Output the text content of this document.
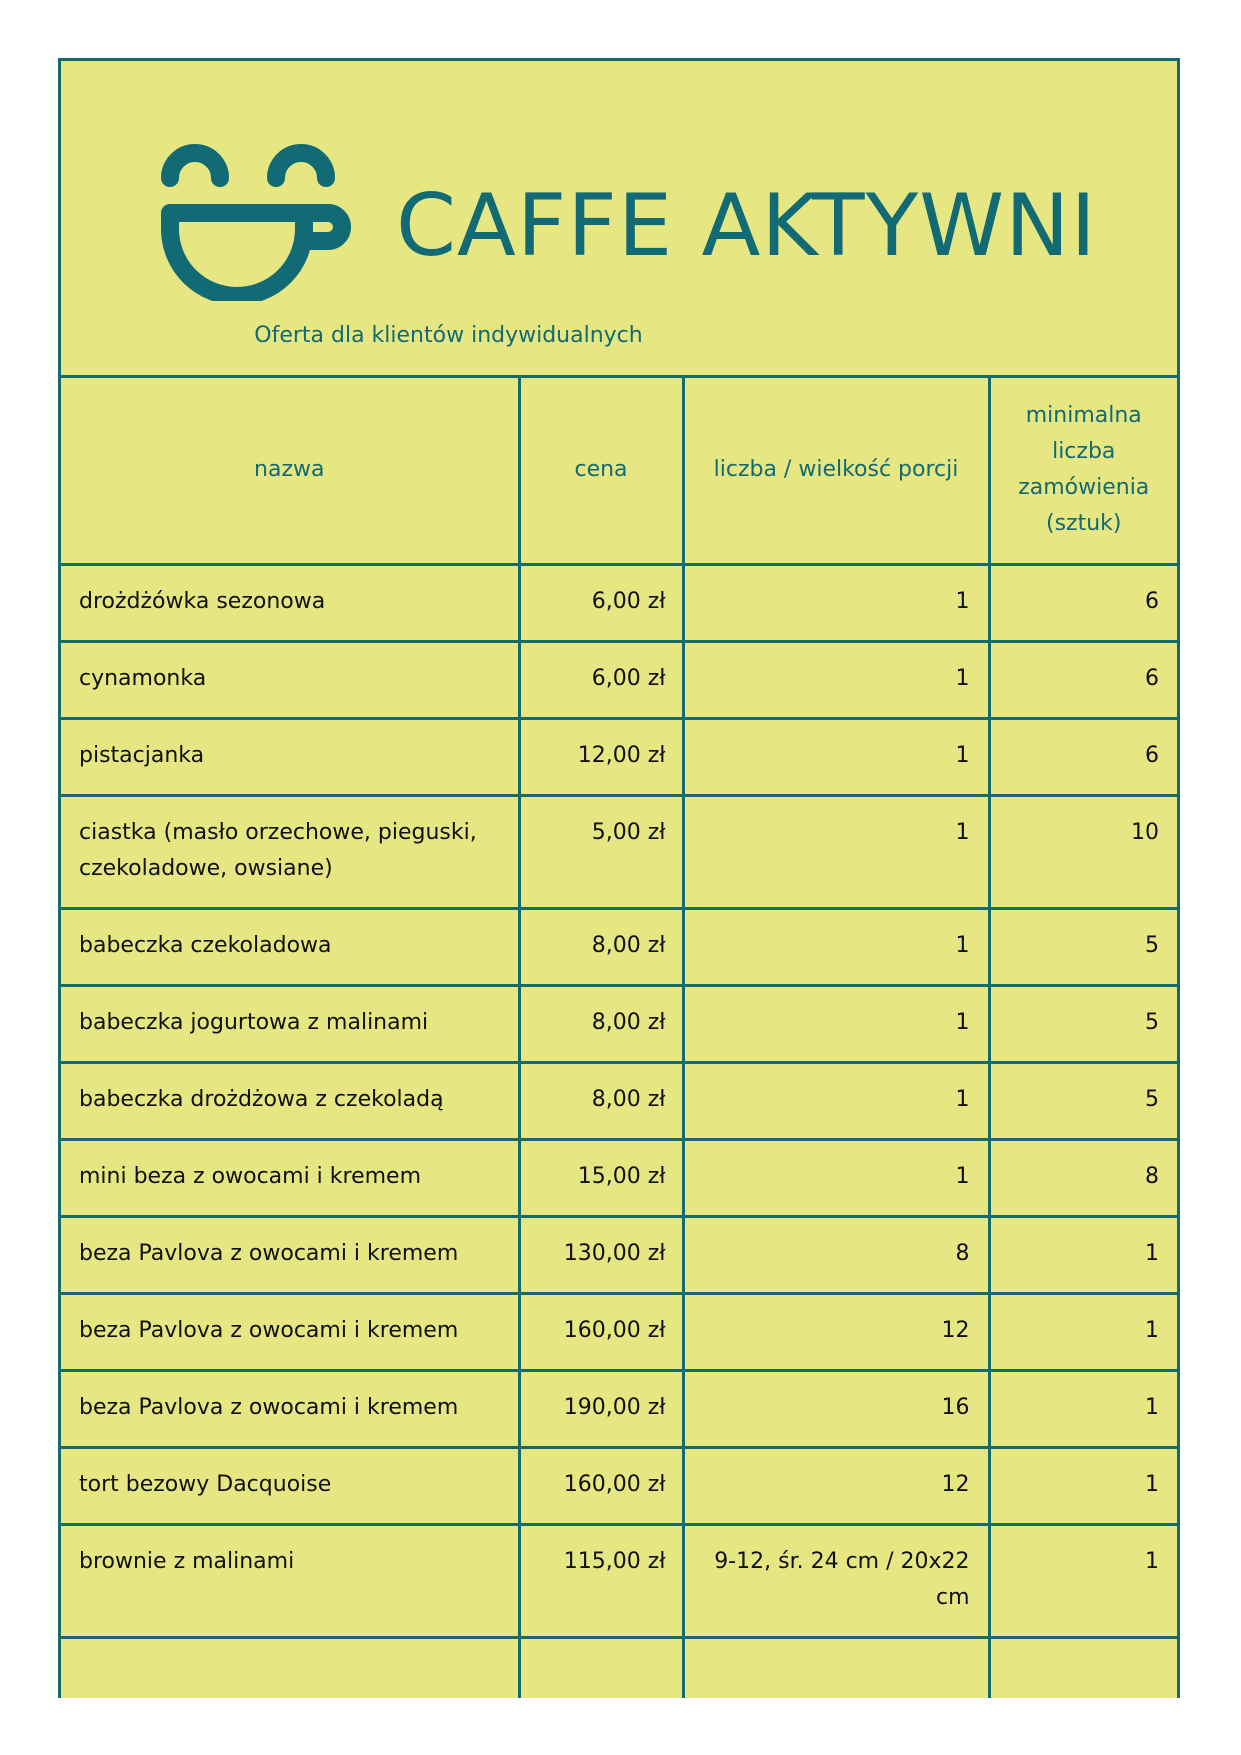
CAFFE AKTYWNI
Oferta dla klientów indywidualnych
nazwa	cena	liczba / wielkość porcji	minimalna liczba zamówienia (sztuk)
drożdżówka sezonowa	6,00 zł	1	6
cynamonka	6,00 zł	1	6
pistacjanka	12,00 zł	1	6
ciastka (masło orzechowe, pieguski, czekoladowe, owsiane)	5,00 zł	1	10
babeczka czekoladowa	8,00 zł	1	5
babeczka jogurtowa z malinami	8,00 zł	1	5
babeczka drożdżowa z czekoladą	8,00 zł	1	5
mini beza z owocami i kremem	15,00 zł	1	8
beza Pavlova z owocami i kremem	130,00 zł	8	1
beza Pavlova z owocami i kremem	160,00 zł	12	1
beza Pavlova z owocami i kremem	190,00 zł	16	1
tort bezowy Dacquoise	160,00 zł	12	1
brownie z malinami	115,00 zł	9-12, śr. 24 cm / 20x22 cm	1
